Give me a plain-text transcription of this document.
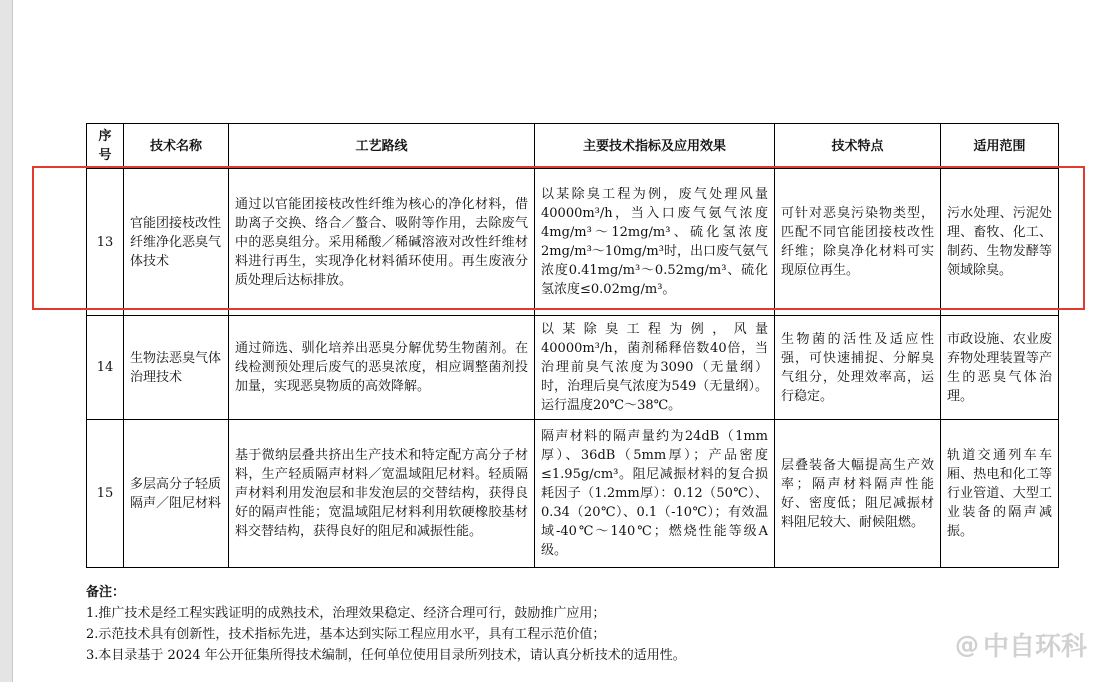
序号	技术名称	工艺路线	主要技术指标及应用效果	技术特点	适用范围
13	官能团接枝改性纤维净化恶臭气体技术	通过以官能团接枝改性纤维为核心的净化材料，借助离子交换、络合／螯合、吸附等作用，去除废气中的恶臭组分。采用稀酸／稀碱溶液对改性纤维材料进行再生，实现净化材料循环使用。再生废液分质处理后达标排放。	以某除臭工程为例，废气处理风量40000m³/h，当入口废气氨气浓度4mg/m³～12mg/m³、硫化氢浓度2mg/m³～10mg/m³时，出口废气氨气浓度0.41mg/m³～0.52mg/m³、硫化氢浓度≤0.02mg/m³。	可针对恶臭污染物类型，匹配不同官能团接枝改性纤维；除臭净化材料可实现原位再生。	污水处理、污泥处理、畜牧、化工、制药、生物发酵等领域除臭。
14	生物法恶臭气体治理技术	通过筛选、驯化培养出恶臭分解优势生物菌剂。在线检测预处理后废气的恶臭浓度，相应调整菌剂投加量，实现恶臭物质的高效降解。	以某除臭工程为例，风量40000m³/h，菌剂稀释倍数40倍，当治理前臭气浓度为3090（无量纲）时，治理后臭气浓度为549（无量纲）。运行温度20℃～38℃。	生物菌的活性及适应性强，可快速捕捉、分解臭气组分，处理效率高，运行稳定。	市政设施、农业废弃物处理装置等产生的恶臭气体治理。
15	多层高分子轻质隔声／阻尼材料	基于微纳层叠共挤出生产技术和特定配方高分子材料，生产轻质隔声材料／宽温域阻尼材料。轻质隔声材料利用发泡层和非发泡层的交替结构，获得良好的隔声性能；宽温域阻尼材料利用软硬橡胶基材料交替结构，获得良好的阻尼和减振性能。	隔声材料的隔声量约为24dB（1mm厚）、36dB（5mm厚）；产品密度≤1.95g/cm³。阻尼减振材料的复合损耗因子（1.2mm厚）：0.12（50℃）、0.34（20℃）、0.1（-10℃）；有效温域-40℃～140℃；燃烧性能等级A级。	层叠装备大幅提高生产效率；隔声材料隔声性能好、密度低；阻尼减振材料阻尼较大、耐候阻燃。	轨道交通列车车厢、热电和化工等行业管道、大型工业装备的隔声减振。
备注：
1.推广技术是经工程实践证明的成熟技术，治理效果稳定、经济合理可行，鼓励推广应用；
2.示范技术具有创新性，技术指标先进，基本达到实际工程应用水平，具有工程示范价值；
3.本目录基于 2024 年公开征集所得技术编制，任何单位使用目录所列技术，请认真分析技术的适用性。	@ 中自环科
